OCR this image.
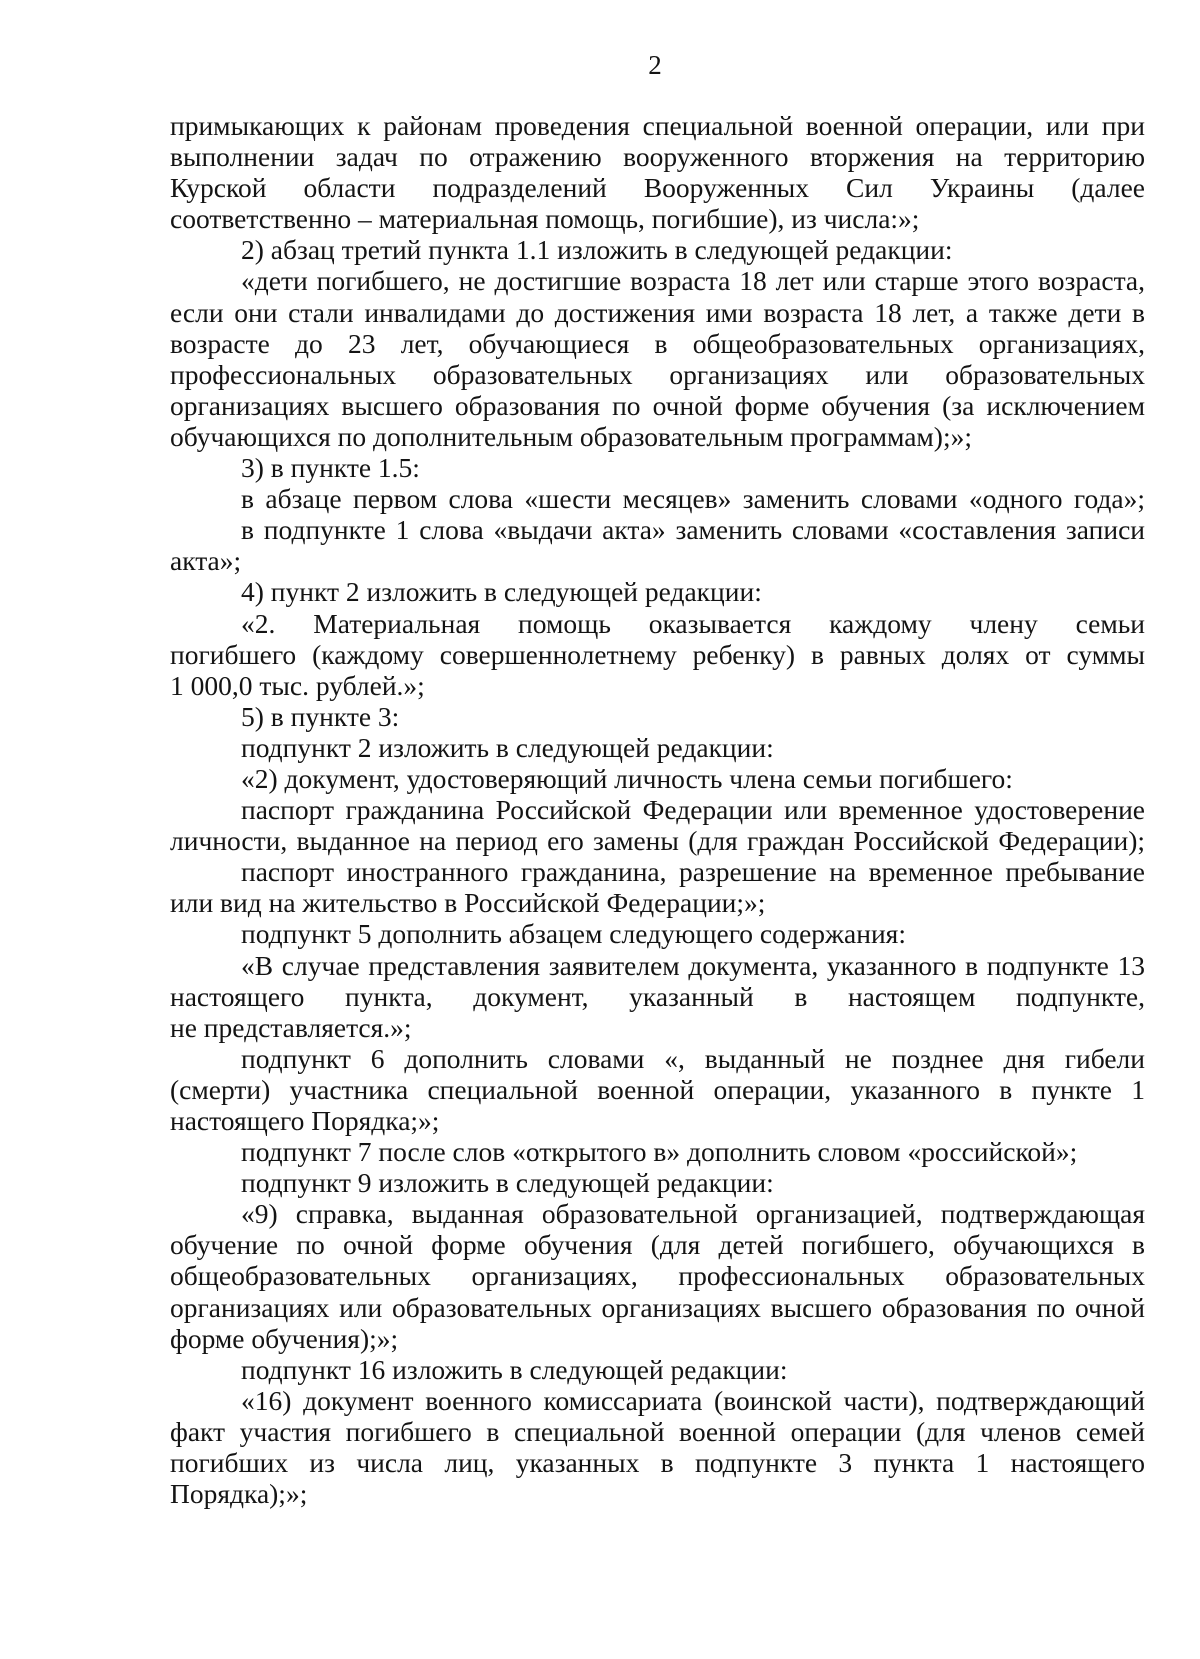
2
примыкающих к районам проведения специальной военной операции, или при
выполнении задач по отражению вооруженного вторжения на территорию
Курской области подразделений Вооруженных Сил Украины (далее
соответственно – материальная помощь, погибшие), из числа:»;
2) абзац третий пункта 1.1 изложить в следующей редакции:
«дети погибшего, не достигшие возраста 18 лет или старше этого возраста,
если они стали инвалидами до достижения ими возраста 18 лет, а также дети в
возрасте до 23 лет, обучающиеся в общеобразовательных организациях,
профессиональных образовательных организациях или образовательных
организациях высшего образования по очной форме обучения (за исключением
обучающихся по дополнительным образовательным программам);»;
3) в пункте 1.5:
в абзаце первом слова «шести месяцев» заменить словами «одного года»;
в подпункте 1 слова «выдачи акта» заменить словами «составления записи
акта»;
4) пункт 2 изложить в следующей редакции:
«2. Материальная помощь оказывается каждому члену семьи
погибшего (каждому совершеннолетнему ребенку) в равных долях от суммы
1 000,0 тыс. рублей.»;
5) в пункте 3:
подпункт 2 изложить в следующей редакции:
«2) документ, удостоверяющий личность члена семьи погибшего:
паспорт гражданина Российской Федерации или временное удостоверение
личности, выданное на период его замены (для граждан Российской Федерации);
паспорт иностранного гражданина, разрешение на временное пребывание
или вид на жительство в Российской Федерации;»;
подпункт 5 дополнить абзацем следующего содержания:
«В случае представления заявителем документа, указанного в подпункте 13
настоящего пункта, документ, указанный в настоящем подпункте,
не представляется.»;
подпункт 6 дополнить словами «, выданный не позднее дня гибели
(смерти) участника специальной военной операции, указанного в пункте 1
настоящего Порядка;»;
подпункт 7 после слов «открытого в» дополнить словом «российской»;
подпункт 9 изложить в следующей редакции:
«9) справка, выданная образовательной организацией, подтверждающая
обучение по очной форме обучения (для детей погибшего, обучающихся в
общеобразовательных организациях, профессиональных образовательных
организациях или образовательных организациях высшего образования по очной
форме обучения);»;
подпункт 16 изложить в следующей редакции:
«16) документ военного комиссариата (воинской части), подтверждающий
факт участия погибшего в специальной военной операции (для членов семей
погибших из числа лиц, указанных в подпункте 3 пункта 1 настоящего
Порядка);»;
